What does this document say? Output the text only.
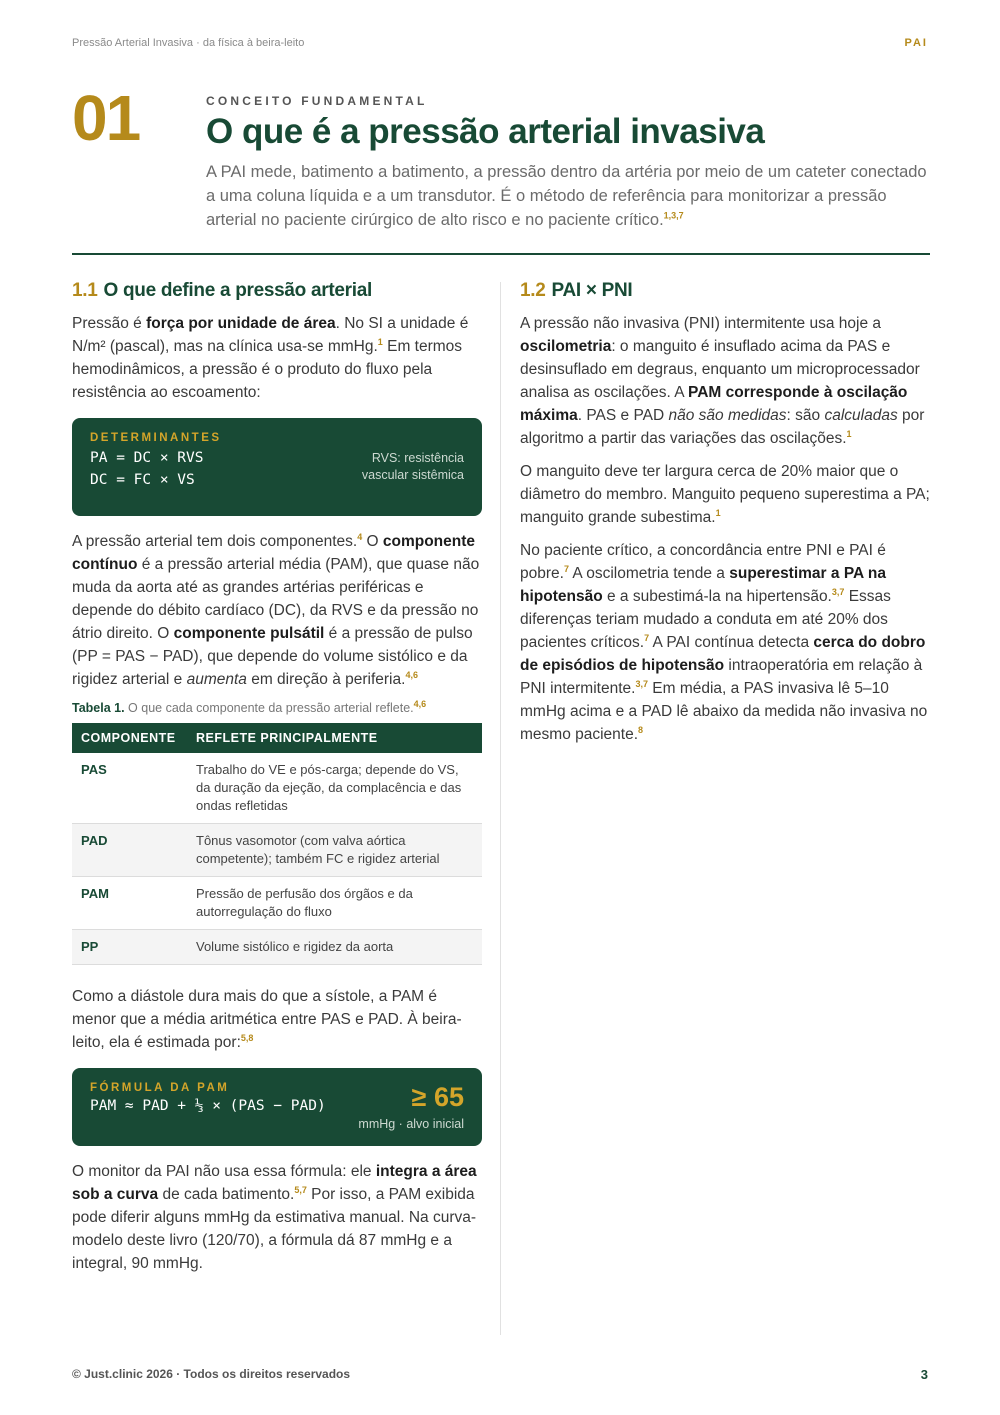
Pressão Arterial Invasiva · da física à beira-leito	PAI
01	CONCEITO FUNDAMENTAL
O que é a pressão arterial invasiva
A PAI mede, batimento a batimento, a pressão dentro da artéria por meio de um cateter conectado a uma coluna líquida e a um transdutor. É o método de referência para monitorizar a pressão arterial no paciente cirúrgico de alto risco e no paciente crítico.$^{1,3,7}$
1.1 O que define a pressão arterial

Pressão é força por unidade de área. No SI a unidade é N/m² (pascal), mas na clínica usa-se mmHg.$^1$ Em termos hemodinâmicos, a pressão é o produto do fluxo pela resistência ao escoamento:

DETERMINANTES
PA = DC × RVS
DC = FC × VS
RVS: resistência
vascular sistêmica

A pressão arterial tem dois componentes.$^4$ O componente contínuo é a pressão arterial média (PAM), que quase não muda da aorta até as grandes artérias periféricas e depende do débito cardíaco (DC), da RVS e da pressão no átrio direito. O componente pulsátil é a pressão de pulso (PP = PAS − PAD), que depende do volume sistólico e da rigidez arterial e aumenta em direção à periferia.$^{4,6}$

Tabela 1. O que cada componente da pressão arterial reflete.$^{4,6}$
COMPONENTE	REFLETE PRINCIPALMENTE
PAS	Trabalho do VE e pós-carga; depende do VS, da duração da ejeção, da complacência e das ondas refletidas
PAD	Tônus vasomotor (com valva aórtica competente); também FC e rigidez arterial
PAM	Pressão de perfusão dos órgãos e da autorregulação do fluxo
PP	Volume sistólico e rigidez da aorta

Como a diástole dura mais do que a sístole, a PAM é menor que a média aritmética entre PAS e PAD. À beira-leito, ela é estimada por:$^{5,8}$

FÓRMULA DA PAM
PAM ≈ PAD + ⅓ × (PAS − PAD)	≥ 65
mmHg · alvo inicial

O monitor da PAI não usa essa fórmula: ele integra a área sob a curva de cada batimento.$^{5,7}$ Por isso, a PAM exibida pode diferir alguns mmHg da estimativa manual. Na curva-modelo deste livro (120/70), a fórmula dá 87 mmHg e a integral, 90 mmHg.

1.2 PAI × PNI

A pressão não invasiva (PNI) intermitente usa hoje a oscilometria: o manguito é insuflado acima da PAS e desinsuflado em degraus, enquanto um microprocessador analisa as oscilações. A PAM corresponde à oscilação máxima. PAS e PAD não são medidas: são calculadas por algoritmo a partir das variações das oscilações.$^1$

O manguito deve ter largura cerca de 20% maior que o diâmetro do membro. Manguito pequeno superestima a PA; manguito grande subestima.$^1$

No paciente crítico, a concordância entre PNI e PAI é pobre.$^7$ A oscilometria tende a superestimar a PA na hipotensão e a subestimá-la na hipertensão.$^{3,7}$ Essas diferenças teriam mudado a conduta em até 20% dos pacientes críticos.$^7$ A PAI contínua detecta cerca do dobro de episódios de hipotensão intraoperatória em relação à PNI intermitente.$^{3,7}$ Em média, a PAS invasiva lê 5–10 mmHg acima e a PAD lê abaixo da medida não invasiva no mesmo paciente.$^8$

© Just.clinic 2026 · Todos os direitos reservados	3
